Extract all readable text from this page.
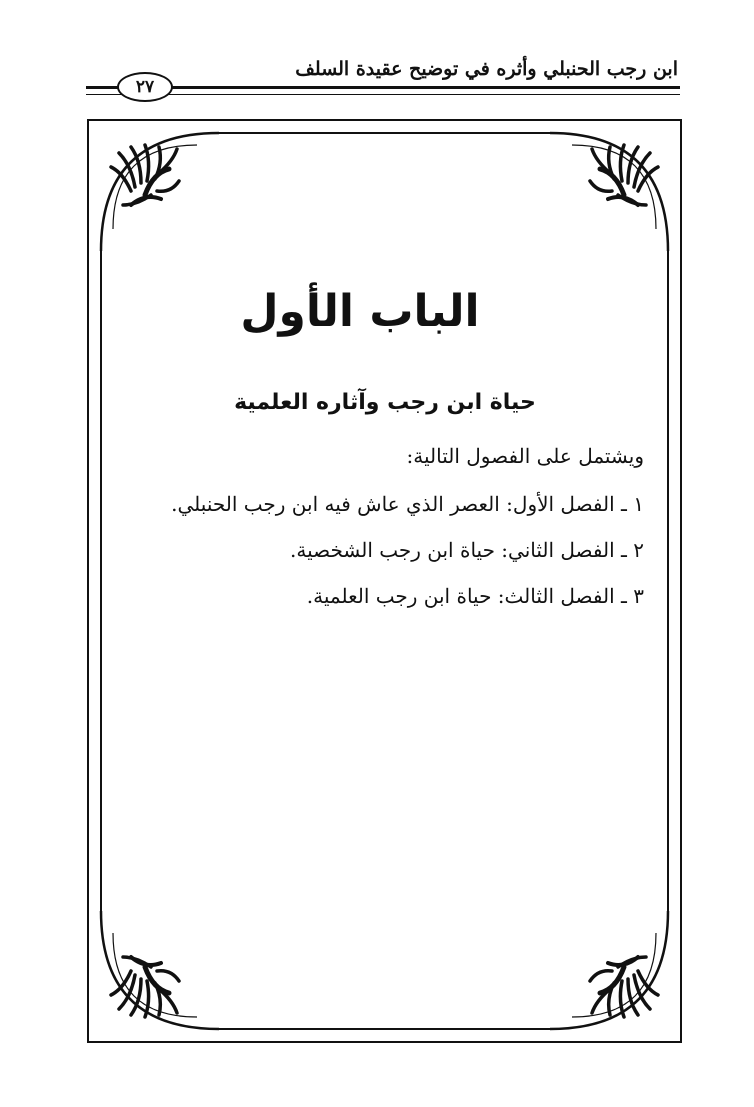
ابن رجب الحنبلي وأثره في توضيح عقيدة السلف
٢٧
الباب الأول
حياة ابن رجب وآثاره العلمية
ويشتمل على الفصول التالية:
١ ـ الفصل الأول: العصر الذي عاش فيه ابن رجب الحنبلي.
٢ ـ الفصل الثاني: حياة ابن رجب الشخصية.
٣ ـ الفصل الثالث: حياة ابن رجب العلمية.
